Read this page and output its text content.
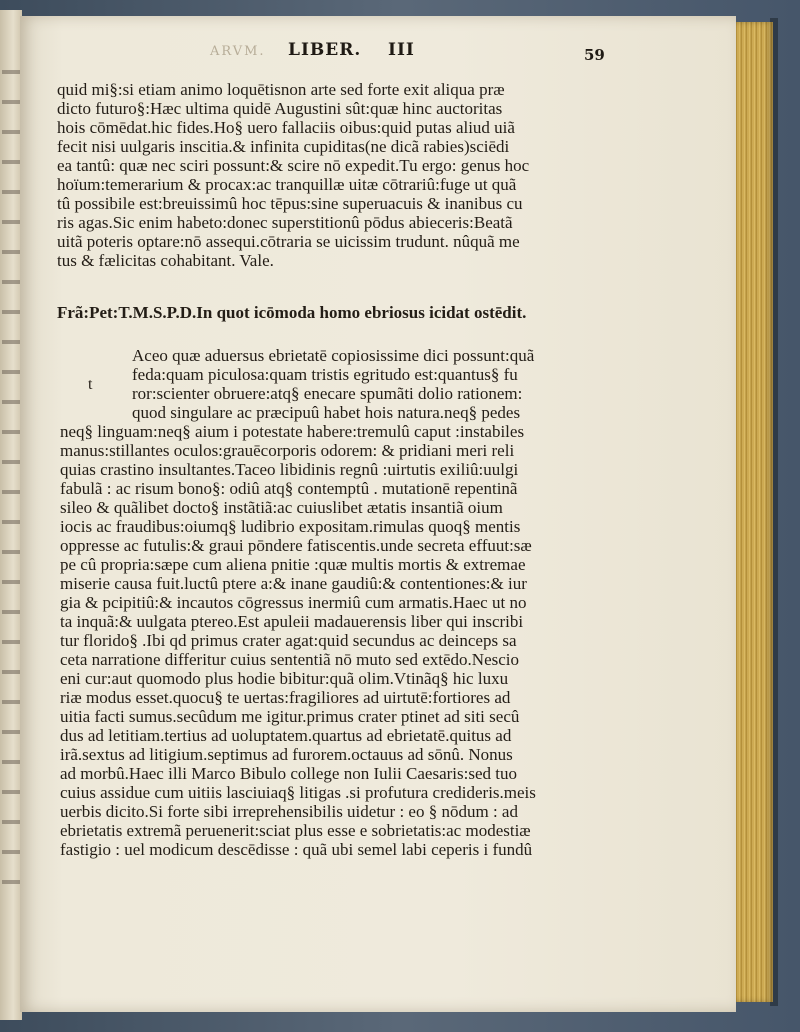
ARVM.	LIBER. III	59
quid mi§:si etiam animo loquētisnon arte sed forte exit aliqua præ
dicto futuro§:Hæc ultima quidē Augustini sût:quæ hinc auctoritas
hois cōmēdat.hic fides.Ho§ uero fallaciis oibus:quid putas aliud uiã
fecit nisi uulgaris inscitia.& infinita cupiditas(ne dicã rabies)sciēdi
ea tantû: quæ nec sciri possunt:& scire nō expedit.Tu ergo: genus hoc
hoïum:temerarium & procax:ac tranquillæ uitæ cōtrariû:fuge ut quã
tû possibile est:breuissimû hoc tēpus:sine superuacuis & inanibus cu
ris agas.Sic enim habeto:donec superstitionû pōdus abieceris:Beatã
uitã poteris optare:nō assequi.cōtraria se uicissim trudunt. nûquã me
tus & fælicitas cohabitant. Vale.
Frã:Pet:T.M.S.P.D.In quot icōmoda homo ebriosus icidat ostēdit.
t
Aceo quæ aduersus ebrietatē copiosissime dici possunt:quã
feda:quam piculosa:quam tristis egritudo est:quantus§ fu
ror:scienter obruere:atq§ enecare spumãti dolio rationem:
quod singulare ac præcipuû habet hois natura.neq§ pedes
neq§ linguam:neq§ aium i potestate habere:tremulû caput :instabiles
manus:stillantes oculos:grauēcorporis odorem: & pridiani meri reli
quias crastino insultantes.Taceo libidinis regnû :uirtutis exiliû:uulgi
fabulã : ac risum bono§: odiû atq§ contemptû . mutationē repentinã
sileo & quãlibet docto§ instãtiã:ac cuiuslibet ætatis insantiã oium
iocis ac fraudibus:oiumq§ ludibrio expositam.rimulas quoq§ mentis
oppresse ac futulis:& graui pōndere fatiscentis.unde secreta effuut:sæ
pe cû propria:sæpe cum aliena pnitie :quæ multis mortis & extremae
miserie causa fuit.luctû ptere a:& inane gaudiû:& contentiones:& iur
gia & pcipitiû:& incautos cōgressus inermiû cum armatis.Haec ut no
ta inquã:& uulgata ptereo.Est apuleii madauerensis liber qui inscribi
tur florido§ .Ibi qd primus crater agat:quid secundus ac deinceps sa
ceta narratione differitur cuius sententiã nō muto sed extēdo.Nescio
eni cur:aut quomodo plus hodie bibitur:quã olim.Vtinãq§ hic luxu
riæ modus esset.quocu§ te uertas:fragiliores ad uirtutē:fortiores ad
uitia facti sumus.secûdum me igitur.primus crater ptinet ad siti secû
dus ad letitiam.tertius ad uoluptatem.quartus ad ebrietatē.quitus ad
irã.sextus ad litigium.septimus ad furorem.octauus ad sōnû. Nonus
ad morbû.Haec illi Marco Bibulo college non Iulii Caesaris:sed tuo
cuius assidue cum uitiis lasciuiaq§ litigas .si profutura credideris.meis
uerbis dicito.Si forte sibi irreprehensibilis uidetur : eo § nōdum : ad
ebrietatis extremã peruenerit:sciat plus esse e sobrietatis:ac modestiæ
fastigio : uel modicum descēdisse : quã ubi semel labi ceperis i fundû
